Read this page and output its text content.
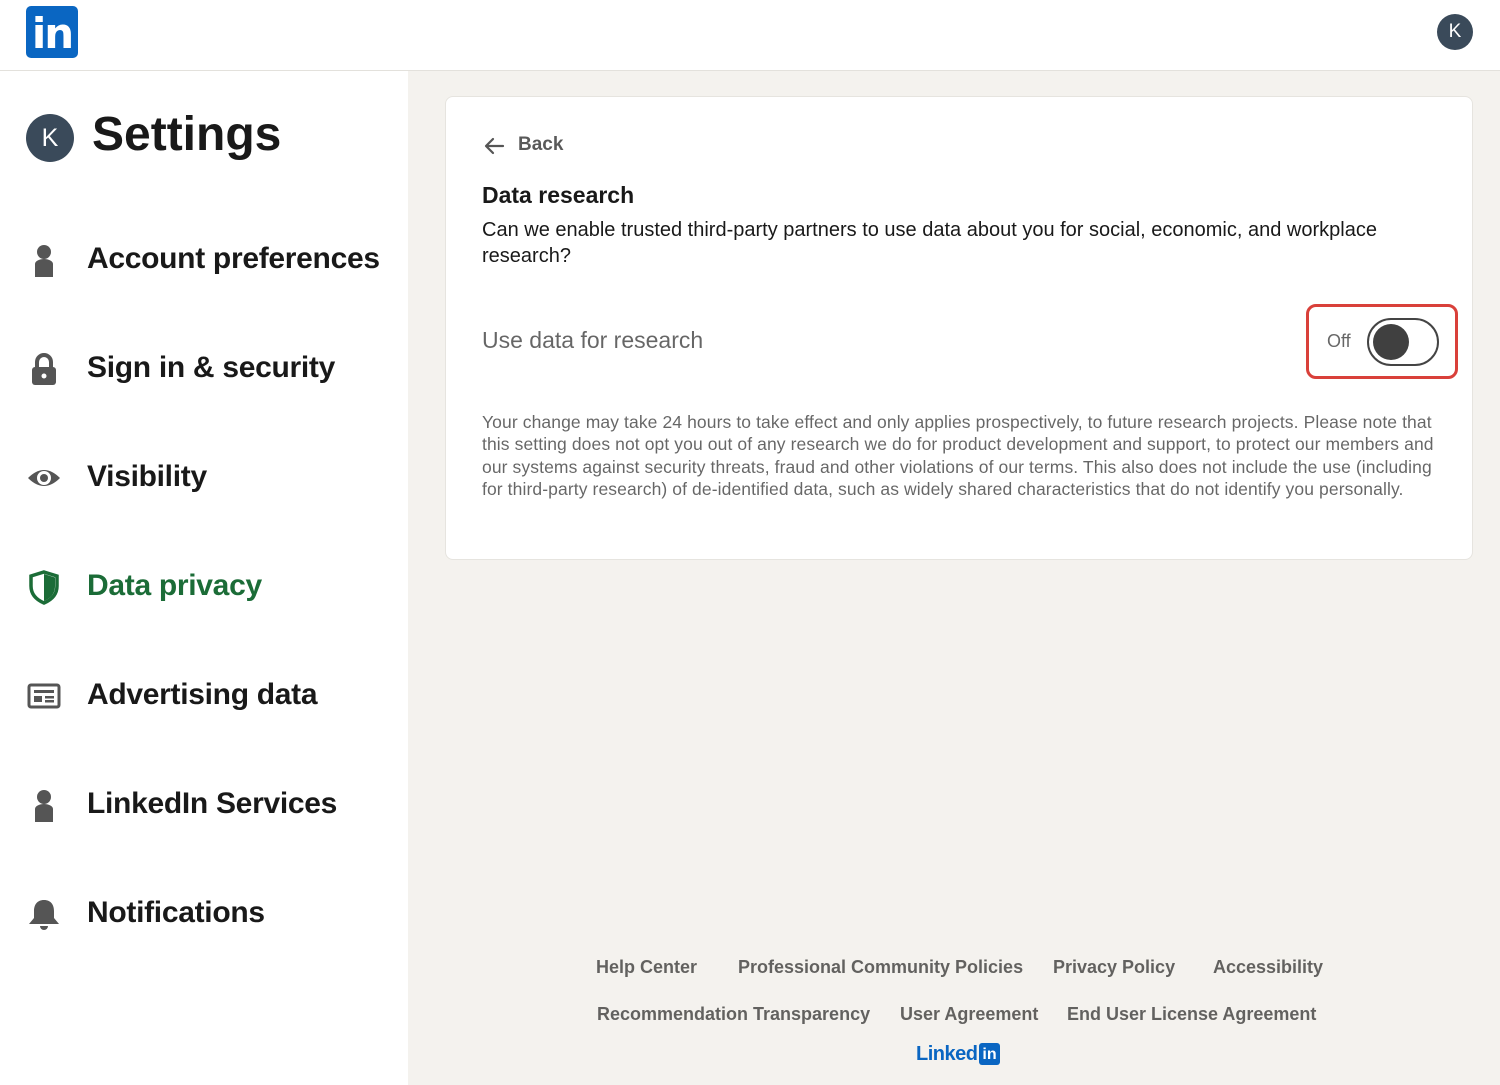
in	K
K Settings
Account preferences
Sign in & security
Visibility
Data privacy
Advertising data
LinkedIn Services
Notifications
Back
Data research
Can we enable trusted third-party partners to use data about you for social, economic, and workplace research?
Use data for research	Off
Your change may take 24 hours to take effect and only applies prospectively, to future research projects. Please note that this setting does not opt you out of any research we do for product development and support, to protect our members and our systems against security threats, fraud and other violations of our terms. This also does not include the use (including for third-party research) of de-identified data, such as widely shared characteristics that do not identify you personally.
Help Center Professional Community Policies Privacy Policy Accessibility
Recommendation Transparency User Agreement End User License Agreement
Linked in
